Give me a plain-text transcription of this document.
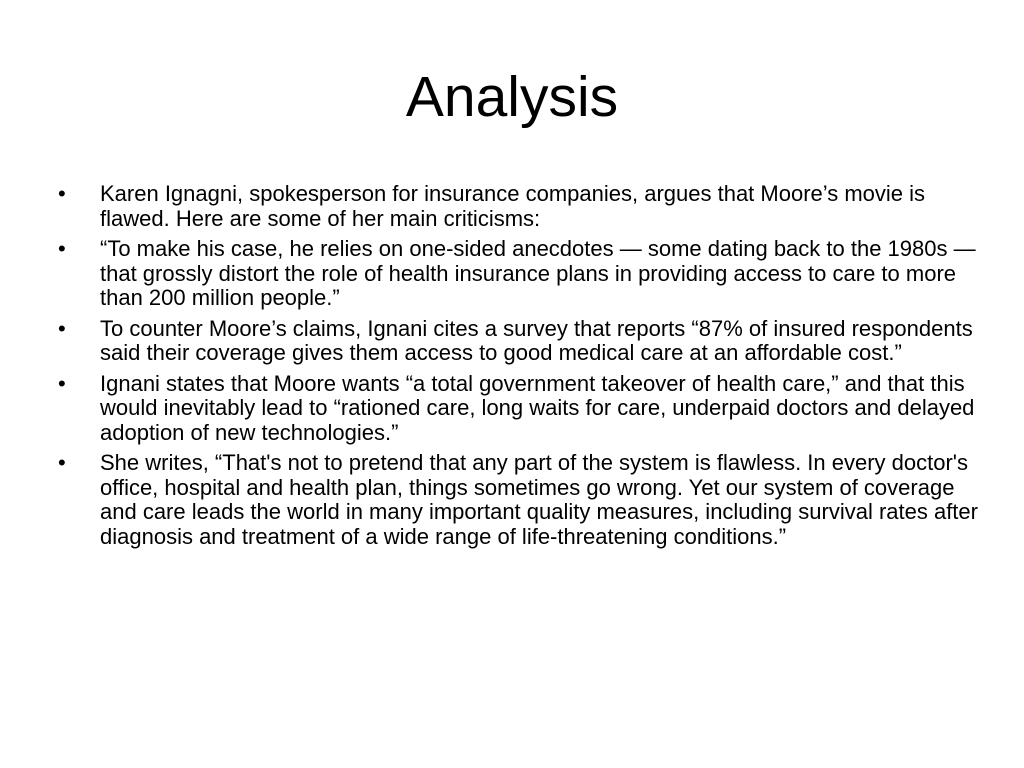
Analysis
•	Karen Ignagni, spokesperson for insurance companies, argues that Moore’s movie is flawed. Here are some of her main criticisms:
•	“To make his case, he relies on one-sided anecdotes — some dating back to the 1980s — that grossly distort the role of health insurance plans in providing access to care to more than 200 million people.”
•	To counter Moore’s claims, Ignani cites a survey that reports “87% of insured respondents said their coverage gives them access to good medical care at an affordable cost.”
•	Ignani states that Moore wants “a total government takeover of health care,” and that this would inevitably lead to “rationed care, long waits for care, underpaid doctors and delayed adoption of new technologies.”
•	She writes, “That's not to pretend that any part of the system is flawless. In every doctor's office, hospital and health plan, things sometimes go wrong. Yet our system of coverage and care leads the world in many important quality measures, including survival rates after diagnosis and treatment of a wide range of life-threatening conditions.”
